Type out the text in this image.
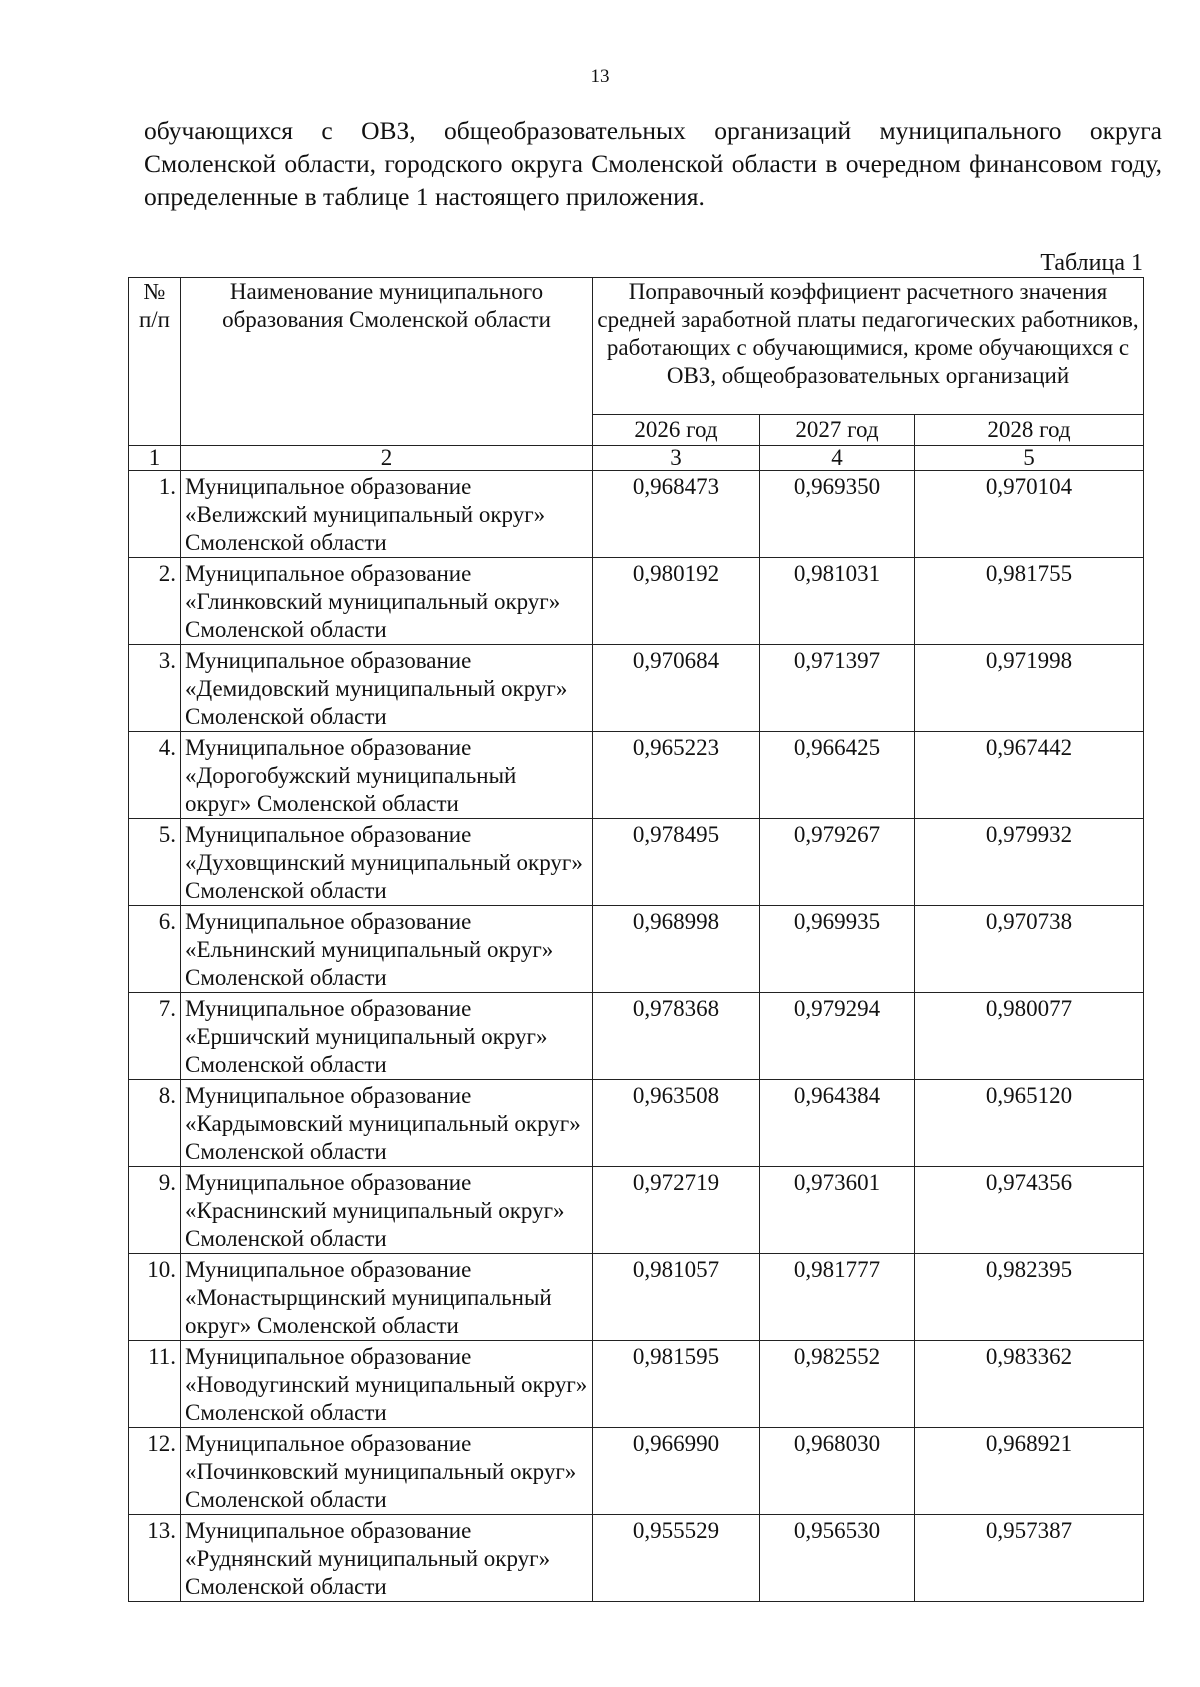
13
обучающихся с ОВЗ, общеобразовательных организаций муниципального округа Смоленской области, городского округа Смоленской области в очередном финансовом году, определенные в таблице 1 настоящего приложения.
Таблица 1
№ п/п	Наименование муниципального образования Смоленской области	Поправочный коэффициент расчетного значения средней заработной платы педагогических работников, работающих с обучающимися, кроме обучающихся с ОВЗ, общеобразовательных организаций		
		2026 год	2027 год	2028 год
1	2	3	4	5
1.	Муниципальное образование «Велижский муниципальный округ» Смоленской области	0,968473	0,969350	0,970104
2.	Муниципальное образование «Глинковский муниципальный округ» Смоленской области	0,980192	0,981031	0,981755
3.	Муниципальное образование «Демидовский муниципальный округ» Смоленской области	0,970684	0,971397	0,971998
4.	Муниципальное образование «Дорогобужский муниципальный округ» Смоленской области	0,965223	0,966425	0,967442
5.	Муниципальное образование «Духовщинский муниципальный округ» Смоленской области	0,978495	0,979267	0,979932
6.	Муниципальное образование «Ельнинский муниципальный округ» Смоленской области	0,968998	0,969935	0,970738
7.	Муниципальное образование «Ершичский муниципальный округ» Смоленской области	0,978368	0,979294	0,980077
8.	Муниципальное образование «Кардымовский муниципальный округ» Смоленской области	0,963508	0,964384	0,965120
9.	Муниципальное образование «Краснинский муниципальный округ» Смоленской области	0,972719	0,973601	0,974356
10.	Муниципальное образование «Монастырщинский муниципальный округ» Смоленской области	0,981057	0,981777	0,982395
11.	Муниципальное образование «Новодугинский муниципальный округ» Смоленской области	0,981595	0,982552	0,983362
12.	Муниципальное образование «Починковский муниципальный округ» Смоленской области	0,966990	0,968030	0,968921
13.	Муниципальное образование «Руднянский муниципальный округ» Смоленской области	0,955529	0,956530	0,957387
